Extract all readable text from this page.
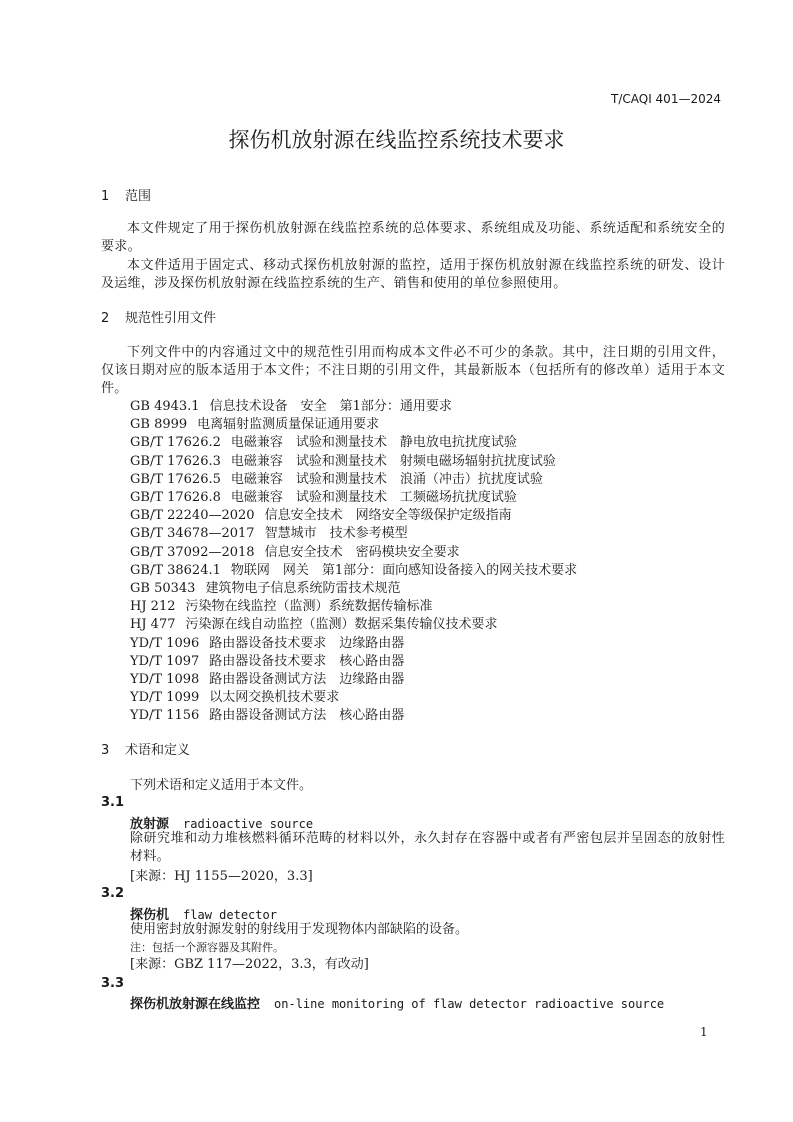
T/CAQI 401—2024
探伤机放射源在线监控系统技术要求
1 范围
本文件规定了用于探伤机放射源在线监控系统的总体要求、系统组成及功能、系统适配和系统安全的要求。
本文件适用于固定式、移动式探伤机放射源的监控，适用于探伤机放射源在线监控系统的研发、设计及运维，涉及探伤机放射源在线监控系统的生产、销售和使用的单位参照使用。
2 规范性引用文件
下列文件中的内容通过文中的规范性引用而构成本文件必不可少的条款。其中，注日期的引用文件，仅该日期对应的版本适用于本文件；不注日期的引用文件，其最新版本（包括所有的修改单）适用于本文件。
GB 4943.1 信息技术设备　安全　第1部分：通用要求
GB 8999 电离辐射监测质量保证通用要求
GB/T 17626.2 电磁兼容　试验和测量技术　静电放电抗扰度试验
GB/T 17626.3 电磁兼容　试验和测量技术　射频电磁场辐射抗扰度试验
GB/T 17626.5 电磁兼容　试验和测量技术　浪涌（冲击）抗扰度试验
GB/T 17626.8 电磁兼容　试验和测量技术　工频磁场抗扰度试验
GB/T 22240—2020 信息安全技术　网络安全等级保护定级指南
GB/T 34678—2017 智慧城市　技术参考模型
GB/T 37092—2018 信息安全技术　密码模块安全要求
GB/T 38624.1 物联网　网关　第1部分：面向感知设备接入的网关技术要求
GB 50343 建筑物电子信息系统防雷技术规范
HJ 212 污染物在线监控（监测）系统数据传输标准
HJ 477 污染源在线自动监控（监测）数据采集传输仪技术要求
YD/T 1096 路由器设备技术要求　边缘路由器
YD/T 1097 路由器设备技术要求　核心路由器
YD/T 1098 路由器设备测试方法　边缘路由器
YD/T 1099 以太网交换机技术要求
YD/T 1156 路由器设备测试方法　核心路由器
3 术语和定义
下列术语和定义适用于本文件。
3.1
放射源 radioactive source
除研究堆和动力堆核燃料循环范畴的材料以外，永久封存在容器中或者有严密包层并呈固态的放射性材料。
[来源：HJ 1155—2020，3.3]
3.2
探伤机 flaw detector
使用密封放射源发射的射线用于发现物体内部缺陷的设备。
注：包括一个源容器及其附件。
[来源：GBZ 117—2022，3.3，有改动]
3.3
探伤机放射源在线监控 on-line monitoring of flaw detector radioactive source
1
